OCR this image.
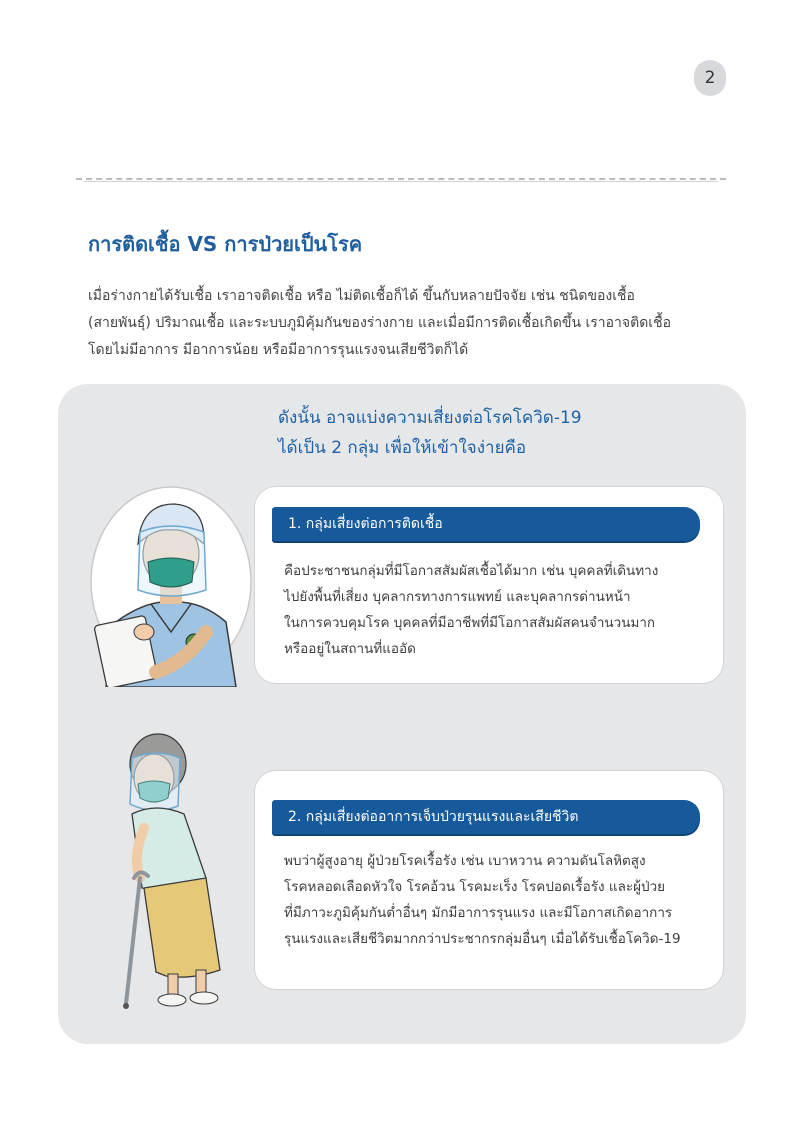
2
การติดเชื้อ VS การป่วยเป็นโรค
เมื่อร่างกายได้รับเชื้อ เราอาจติดเชื้อ หรือ ไม่ติดเชื้อก็ได้ ขึ้นกับหลายปัจจัย เช่น ชนิดของเชื้อ
(สายพันธุ์) ปริมาณเชื้อ และระบบภูมิคุ้มกันของร่างกาย และเมื่อมีการติดเชื้อเกิดขึ้น เราอาจติดเชื้อ
โดยไม่มีอาการ มีอาการน้อย หรือมีอาการรุนแรงจนเสียชีวิตก็ได้
ดังนั้น อาจแบ่งความเสี่ยงต่อโรคโควิด-19
ได้เป็น 2 กลุ่ม เพื่อให้เข้าใจง่ายคือ
1. กลุ่มเสี่ยงต่อการติดเชื้อ
คือประชาชนกลุ่มที่มีโอกาสสัมผัสเชื้อได้มาก เช่น บุคคลที่เดินทาง
ไปยังพื้นที่เสี่ยง บุคลากรทางการแพทย์ และบุคลากรด่านหน้า
ในการควบคุมโรค บุคคลที่มีอาชีพที่มีโอกาสสัมผัสคนจำนวนมาก
หรืออยู่ในสถานที่แออัด
2. กลุ่มเสี่ยงต่ออาการเจ็บป่วยรุนแรงและเสียชีวิต
พบว่าผู้สูงอายุ ผู้ป่วยโรคเรื้อรัง เช่น เบาหวาน ความดันโลหิตสูง
โรคหลอดเลือดหัวใจ โรคอ้วน โรคมะเร็ง โรคปอดเรื้อรัง และผู้ป่วย
ที่มีภาวะภูมิคุ้มกันต่ำอื่นๆ มักมีอาการรุนแรง และมีโอกาสเกิดอาการ
รุนแรงและเสียชีวิตมากกว่าประชากรกลุ่มอื่นๆ เมื่อได้รับเชื้อโควิด-19
